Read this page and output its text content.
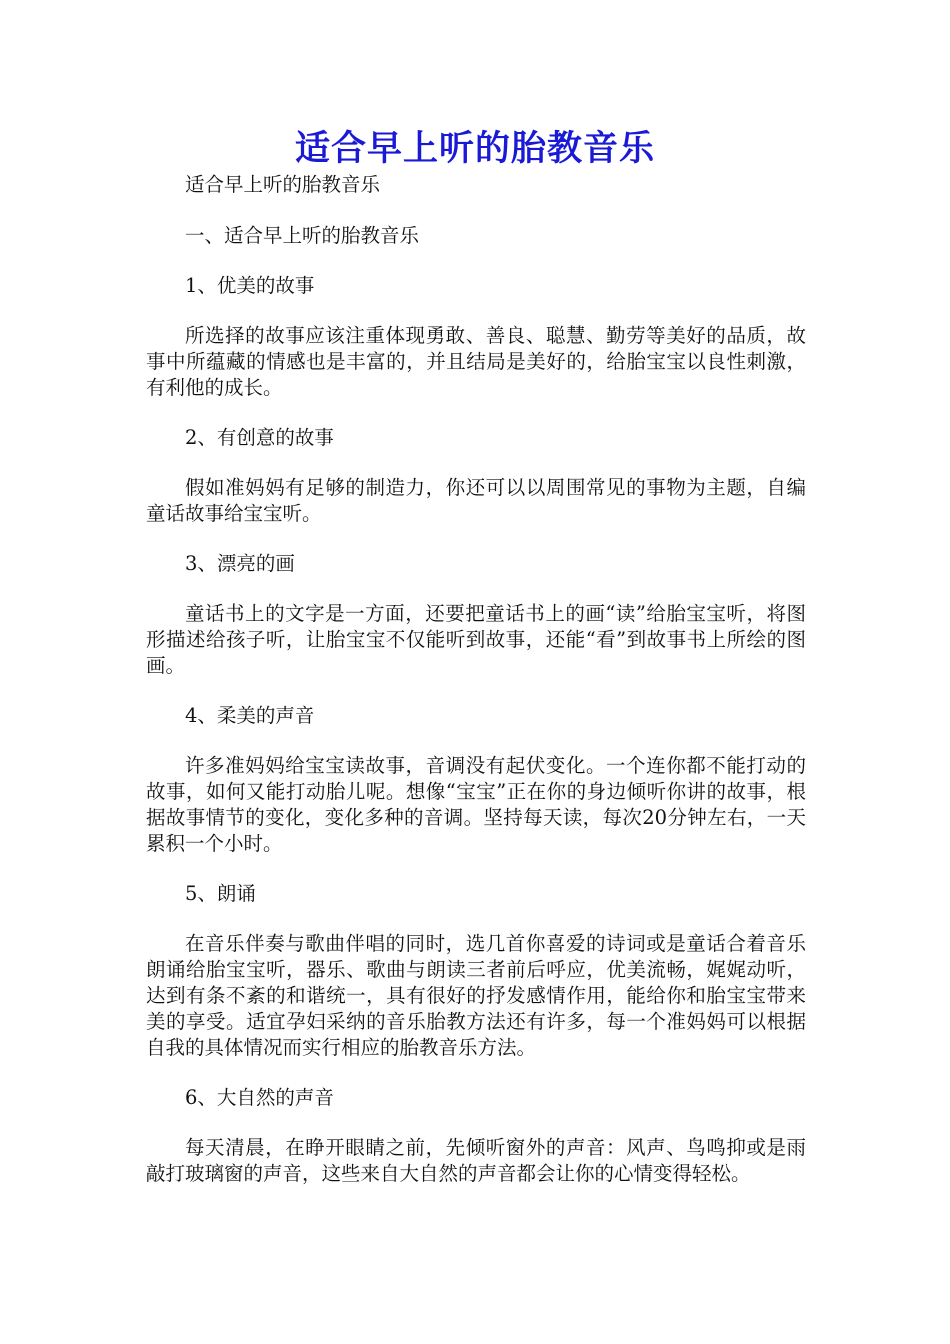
适合早上听的胎教音乐

适合早上听的胎教音乐

一、适合早上听的胎教音乐

1、优美的故事

所选择的故事应该注重体现勇敢、善良、聪慧、勤劳等美好的品质，故事中所蕴藏的情感也是丰富的，并且结局是美好的，给胎宝宝以良性刺激，有利他的成长。

2、有创意的故事

假如准妈妈有足够的制造力，你还可以以周围常见的事物为主题，自编童话故事给宝宝听。

3、漂亮的画

童话书上的文字是一方面，还要把童话书上的画“读”给胎宝宝听，将图形描述给孩子听，让胎宝宝不仅能听到故事，还能“看”到故事书上所绘的图画。

4、柔美的声音

许多准妈妈给宝宝读故事，音调没有起伏变化。一个连你都不能打动的故事，如何又能打动胎儿呢。想像“宝宝”正在你的身边倾听你讲的故事，根据故事情节的变化，变化多种的音调。坚持每天读，每次20分钟左右，一天累积一个小时。

5、朗诵

在音乐伴奏与歌曲伴唱的同时，选几首你喜爱的诗词或是童话合着音乐朗诵给胎宝宝听，器乐、歌曲与朗读三者前后呼应，优美流畅，娓娓动听，达到有条不紊的和谐统一，具有很好的抒发感情作用，能给你和胎宝宝带来美的享受。适宜孕妇采纳的音乐胎教方法还有许多，每一个准妈妈可以根据自我的具体情况而实行相应的胎教音乐方法。

6、大自然的声音

每天清晨，在睁开眼睛之前，先倾听窗外的声音：风声、鸟鸣抑或是雨敲打玻璃窗的声音，这些来自大自然的声音都会让你的心情变得轻松。
